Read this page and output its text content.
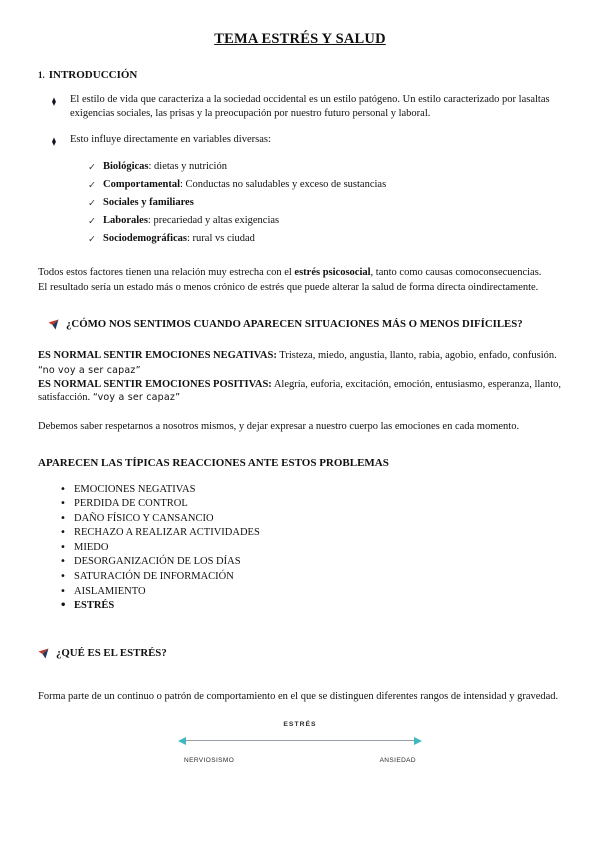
TEMA ESTRÉS Y SALUD
1. INTRODUCCIÓN
⧫	El estilo de vida que caracteriza a la sociedad occidental es un estilo patógeno. Un estilo caracterizado por lasaltas exigencias sociales, las prisas y la preocupación por nuestro futuro personal y laboral.
⧫	Esto influye directamente en variables diversas:
✓ Biológicas: dietas y nutrición
✓ Comportamental: Conductas no saludables y exceso de sustancias
✓ Sociales y familiares
✓ Laborales: precariedad y altas exigencias
✓ Sociodemográficas: rural vs ciudad

Todos estos factores tienen una relación muy estrecha con el estrés psicosocial, tanto como causas comoconsecuencias.

El resultado sería un estado más o menos crónico de estrés que puede alterar la salud de forma directa oindirectamente.

¿CÓMO NOS SENTIMOS CUANDO APARECEN SITUACIONES MÁS O MENOS DIFÍCILES?
ES NORMAL SENTIR EMOCIONES NEGATIVAS: Tristeza, miedo, angustia, llanto, rabia, agobio, enfado, confusión.
“no voy a ser capaz”
ES NORMAL SENTIR EMOCIONES POSITIVAS: Alegría, euforia, excitación, emoción, entusiasmo, esperanza, llanto, satisfacción. “voy a ser capaz”

Debemos saber respetarnos a nosotros mismos, y dejar expresar a nuestro cuerpo las emociones en cada momento.

APARECEN LAS TÍPICAS REACCIONES ANTE ESTOS PROBLEMAS
• EMOCIONES NEGATIVAS
• PERDIDA DE CONTROL
• DAÑO FÍSICO Y CANSANCIO
• RECHAZO A REALIZAR ACTIVIDADES
• MIEDO
• DESORGANIZACIÓN DE LOS DÍAS
• SATURACIÓN DE INFORMACIÓN
• AISLAMIENTO
• ESTRÉS
¿QUÉ ES EL ESTRÉS?

Forma parte de un continuo o patrón de comportamiento en el que se distinguen diferentes rangos de intensidad y gravedad.

ESTRÉS
NERVIOSISMO	ANSIEDAD
